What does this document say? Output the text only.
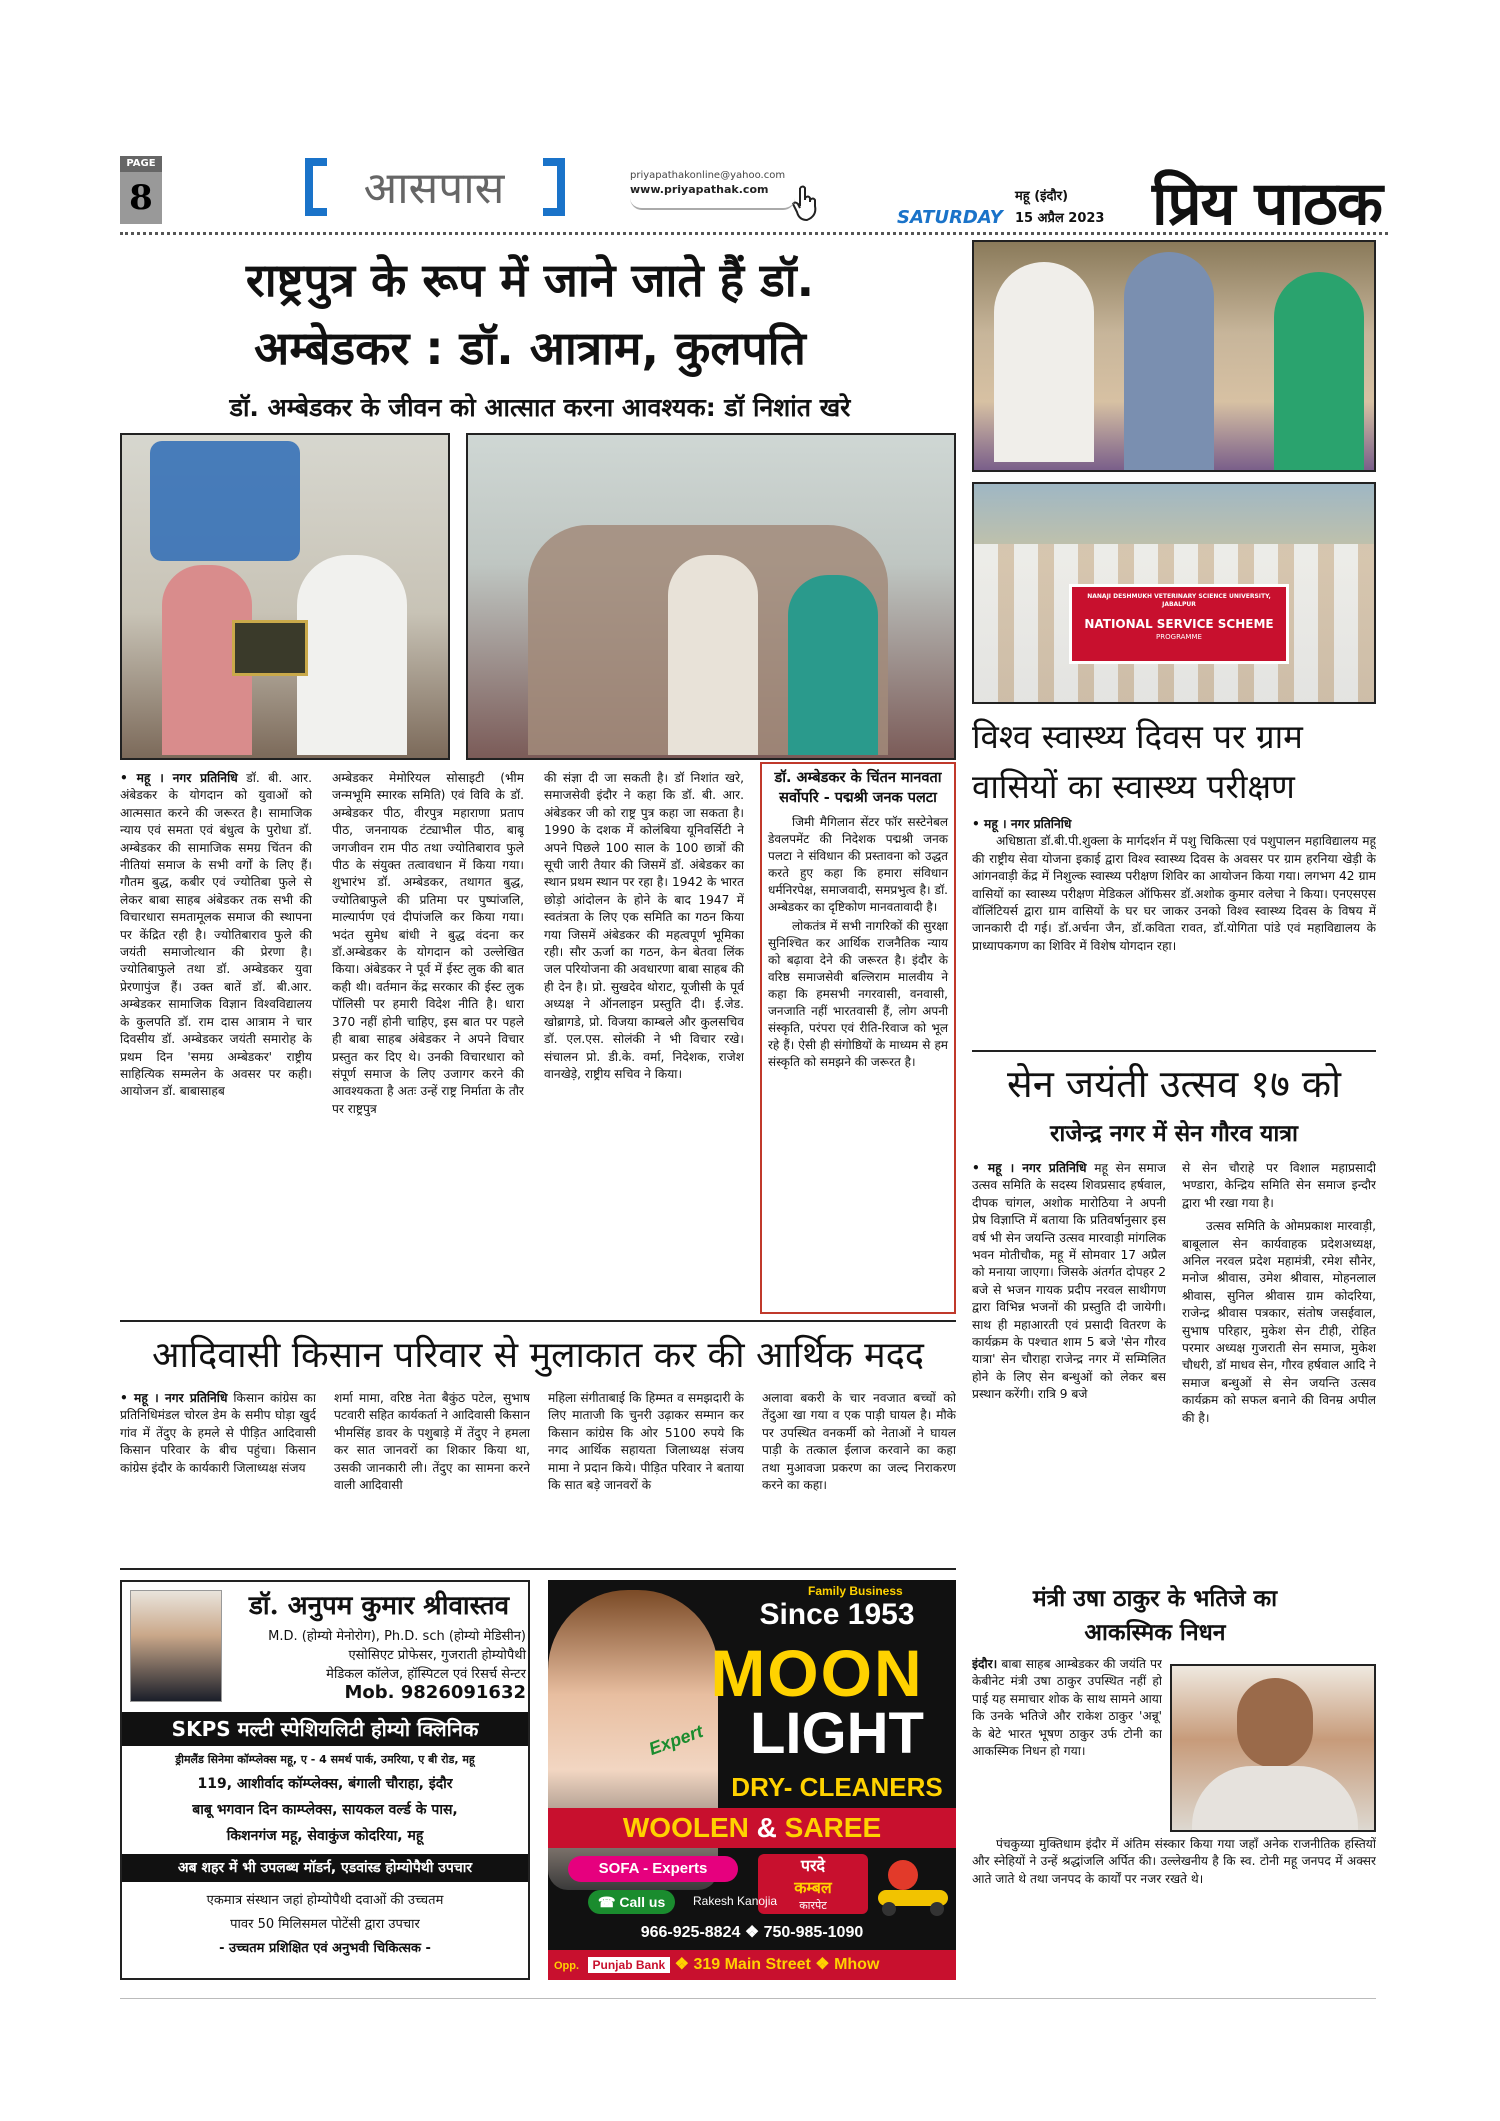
PAGE
8	आसपास	priyapathakonline@yahoo.com
www.priyapathak.com
SATURDAY
महू (इंदौर)
15 अप्रैल 2023 प्रिय पाठक
राष्ट्रपुत्र के रूप में जाने जाते हैं डॉ. अम्बेडकर : डॉ. आत्राम, कुलपति
डॉ. अम्बेडकर के जीवन को आत्सात करना आवश्यक: डॉ निशांत खरे
• महू । नगर प्रतिनिधि डॉ. बी. आर. अंबेडकर के योगदान को युवाओं को आत्मसात करने की जरूरत है। सामाजिक न्याय एवं समता एवं बंधुत्व के पुरोधा डॉ. अम्बेडकर की सामाजिक समग्र चिंतन की नीतियां समाज के सभी वर्गों के लिए हैं। गौतम बुद्ध, कबीर एवं ज्योतिबा फुले से लेकर बाबा साहब अंबेडकर तक सभी की विचारधारा समतामूलक समाज की स्थापना पर केंद्रित रही है। ज्योतिबाराव फुले की जयंती समाजोत्थान की प्रेरणा है। ज्योतिबाफुले तथा डॉ. अम्बेडकर युवा प्रेरणापुंज हैं। उक्त बातें डॉ. बी.आर. अम्बेडकर सामाजिक विज्ञान विश्वविद्यालय के कुलपति डॉ. राम दास आत्राम ने चार दिवसीय डॉ. अम्बेडकर जयंती समारोह के प्रथम दिन 'समग्र अम्बेडकर' राष्ट्रीय साहित्यिक सम्मलेन के अवसर पर कही। आयोजन डॉ. बाबासाहब
अम्बेडकर मेमोरियल सोसाइटी (भीम जन्मभूमि स्मारक समिति) एवं विवि के डॉ. अम्बेडकर पीठ, वीरपुत्र महाराणा प्रताप पीठ, जननायक टंट्याभील पीठ, बाबू जगजीवन राम पीठ तथा ज्योतिबाराव फुले पीठ के संयुक्त तत्वावधान में किया गया। शुभारंभ डॉ. अम्बेडकर, तथागत बुद्ध, ज्योतिबाफुले की प्रतिमा पर पुष्पांजलि, माल्यार्पण एवं दीपांजलि कर किया गया। भदंत सुमेध बांधी ने बुद्ध वंदना कर डॉ.अम्बेडकर के योगदान को उल्लेखित किया। अंबेडकर ने पूर्व में ईस्ट लुक की बात कही थी। वर्तमान केंद्र सरकार की ईस्ट लुक पॉलिसी पर हमारी विदेश नीति है। धारा 370 नहीं होनी चाहिए, इस बात पर पहले ही बाबा साहब अंबेडकर ने अपने विचार प्रस्तुत कर दिए थे। उनकी विचारधारा को संपूर्ण समाज के लिए उजागर करने की आवश्यकता है अतः उन्हें राष्ट्र निर्माता के तौर पर राष्ट्रपुत्र
की संज्ञा दी जा सकती है। डॉ निशांत खरे, समाजसेवी इंदौर ने कहा कि डॉ. बी. आर. अंबेडकर जी को राष्ट्र पुत्र कहा जा सकता है। 1990 के दशक में कोलंबिया यूनिवर्सिटी ने अपने पिछले 100 साल के 100 छात्रों की सूची जारी तैयार की जिसमें डॉ. अंबेडकर का स्थान प्रथम स्थान पर रहा है। 1942 के भारत छोड़ो आंदोलन के होने के बाद 1947 में स्वतंत्रता के लिए एक समिति का गठन किया गया जिसमें अंबेडकर की महत्वपूर्ण भूमिका रही। सौर ऊर्जा का गठन, केन बेतवा लिंक जल परियोजना की अवधारणा बाबा साहब की ही देन है। प्रो. सुखदेव थोराट, यूजीसी के पूर्व अध्यक्ष ने ऑनलाइन प्रस्तुति दी। ई.जेड. खोब्रागडे, प्रो. विजया काम्बले और कुलसचिव डॉ. एल.एस. सोलंकी ने भी विचार रखे। संचालन प्रो. डी.के. वर्मा, निदेशक, राजेश वानखेड़े, राष्ट्रीय सचिव ने किया।
डॉ. अम्बेडकर के चिंतन मानवता सर्वोपरि - पद्मश्री जनक पलटा
जिमी मैगिलान सेंटर फॉर सस्टेनेबल डेवलपमेंट की निदेशक पद्मश्री जनक पलटा ने संविधान की प्रस्तावना को उद्धत करते हुए कहा कि हमारा संविधान धर्मनिरपेक्ष, समाजवादी, समप्रभुत्व है। डॉ. अम्बेडकर का दृष्टिकोण मानवतावादी है।
लोकतंत्र में सभी नागरिकों की सुरक्षा सुनिश्चित कर आर्थिक राजनैतिक न्याय को बढ़ावा देने की जरूरत है। इंदौर के वरिष्ठ समाजसेवी बल्लिराम मालवीय ने कहा कि हमसभी नगरवासी, वनवासी, जनजाति नहीं भारतवासी हैं, लोग अपनी संस्कृति, परंपरा एवं रीति-रिवाज को भूल रहे हैं। ऐसी ही संगोष्ठियों के माध्यम से हम संस्कृति को समझने की जरूरत है।
आदिवासी किसान परिवार से मुलाकात कर की आर्थिक मदद
• महू । नगर प्रतिनिधि किसान कांग्रेस का प्रतिनिधिमंडल चोरल डेम के समीप घोड़ा खुर्द गांव में तेंदुए के हमले से पीड़ित आदिवासी किसान परिवार के बीच पहुंचा। किसान कांग्रेस इंदौर के कार्यकारी जिलाध्यक्ष संजय
शर्मा मामा, वरिष्ठ नेता बैकुंठ पटेल, सुभाष पटवारी सहित कार्यकर्ता ने आदिवासी किसान भीमसिंह डावर के पशुबाड़े में तेंदुए ने हमला कर सात जानवरों का शिकार किया था, उसकी जानकारी ली। तेंदुए का सामना करने वाली आदिवासी
महिला संगीताबाई कि हिम्मत व समझदारी के लिए माताजी कि चुनरी उढ़ाकर सम्मान कर किसान कांग्रेस कि ओर 5100 रुपये कि नगद आर्थिक सहायता जिलाध्यक्ष संजय मामा ने प्रदान किये। पीड़ित परिवार ने बताया कि सात बड़े जानवरों के
अलावा बकरी के चार नवजात बच्चों को तेंदुआ खा गया व एक पाड़ी घायल है। मौके पर उपस्थित वनकर्मी को नेताओं ने घायल पाड़ी के तत्काल ईलाज करवाने का कहा तथा मुआवजा प्रकरण का जल्द निराकरण करने का कहा।
डॉ. अनुपम कुमार श्रीवास्तव
M.D. (होम्यो मेनोरोग), Ph.D. sch (होम्यो मेडिसीन)
एसोसिएट प्रोफेसर, गुजराती होम्योपैथी
मेडिकल कॉलेज, हॉस्पिटल एवं रिसर्च सेन्टर
Mob. 9826091632
SKPS मल्टी स्पेशियलिटी होम्यो क्लिनिक
ड्रीमलैंड सिनेमा कॉम्प्लेक्स महू, ए - 4 समर्थ पार्क, उमरिया, ए बी रोड, महू
119, आशीर्वाद कॉम्प्लेक्स, बंगाली चौराहा, इंदौर
बाबू भगवान दिन काम्प्लेक्स, सायकल वर्ल्ड के पास,
किशनगंज महू, सेवाकुंज कोदरिया, महू
अब शहर में भी उपलब्ध मॉडर्न, एडवांस्ड होम्योपैथी उपचार
एकमात्र संस्थान जहां होम्योपैथी दवाओं की उच्चतम
पावर 50 मिलिसमल पोटेंसी द्वारा उपचार
- उच्चतम प्रशिक्षित एवं अनुभवी चिकित्सक -
Family Business
Since 1953
MOON
LIGHT
Expert
DRY- CLEANERS
WOOLEN & SAREE
SOFA - Experts	परदे
कम्बल
कारपेट
☎ Call us	Rakesh Kanojia
966-925-8824 ❖ 750-985-1090
Opp. Punjab Bank ❖ 319 Main Street ❖ Mhow
NANAJI DESHMUKH VETERINARY SCIENCE UNIVERSITY, JABALPUR
NATIONAL SERVICE SCHEME
PROGRAMME
विश्व स्वास्थ्य दिवस पर ग्राम वासियों का स्वास्थ्य परीक्षण
• महू । नगर प्रतिनिधि
अधिष्ठाता डॉ.बी.पी.शुक्ला के मार्गदर्शन में पशु चिकित्सा एवं पशुपालन महाविद्यालय महू की राष्ट्रीय सेवा योजना इकाई द्वारा विश्व स्वास्थ्य दिवस के अवसर पर ग्राम हरनिया खेड़ी के आंगनवाड़ी केंद्र में निशुल्क स्वास्थ्य परीक्षण शिविर का आयोजन किया गया। लगभग 42 ग्राम वासियों का स्वास्थ्य परीक्षण मेडिकल ऑफिसर डॉ.अशोक कुमार वलेचा ने किया। एनएसएस वॉलिंटियर्स द्वारा ग्राम वासियों के घर घर जाकर उनको विश्व स्वास्थ्य दिवस के विषय में जानकारी दी गई। डॉ.अर्चना जैन, डॉ.कविता रावत, डॉ.योगिता पांडे एवं महाविद्यालय के प्राध्यापकगण का शिविर में विशेष योगदान रहा।
सेन जयंती उत्सव १७ को
राजेन्द्र नगर में सेन गौरव यात्रा
• महू । नगर प्रतिनिधि महू सेन समाज उत्सव समिति के सदस्य शिवप्रसाद हर्षवाल, दीपक चांगल, अशोक मारोठिया ने अपनी प्रेष विज्ञाप्ति में बताया कि प्रतिवर्षानुसार इस वर्ष भी सेन जयन्ति उत्सव मारवाड़ी मांगलिक भवन मोतीचौक, महू में सोमवार 17 अप्रैल को मनाया जाएगा। जिसके अंतर्गत दोपहर 2 बजे से भजन गायक प्रदीप नरवल साथीगण द्वारा विभिन्न भजनों की प्रस्तुति दी जायेगी। साथ ही महाआरती एवं प्रसादी वितरण के कार्यक्रम के पश्चात शाम 5 बजे 'सेन गौरव यात्रा' सेन चौराहा राजेन्द्र नगर में सम्मिलित होने के लिए सेन बन्धुओं को लेकर बस प्रस्थान करेंगी। रात्रि 9 बजे
से सेन चौराहे पर विशाल महाप्रसादी भण्डारा, केन्द्रिय समिति सेन समाज इन्दौर द्वारा भी रखा गया है।
उत्सव समिति के ओमप्रकाश मारवाड़ी, बाबूलाल सेन कार्यवाहक प्रदेशअध्यक्ष, अनिल नरवल प्रदेश महामंत्री, रमेश सौनेर, मनोज श्रीवास, उमेश श्रीवास, मोहनलाल श्रीवास, सुनिल श्रीवास ग्राम कोदरिया, राजेन्द्र श्रीवास पत्रकार, संतोष जसईवाल, सुभाष परिहार, मुकेश सेन टीही, रोहित परमार अध्यक्ष गुजराती सेन समाज, मुकेश चौधरी, डॉ माधव सेन, गौरव हर्षवाल आदि ने समाज बन्धुओं से सेन जयन्ति उत्सव कार्यक्रम को सफल बनाने की विनम्र अपील की है।
मंत्री उषा ठाकुर के भतिजे का आकस्मिक निधन
इंदौर। बाबा साहब आम्बेडकर की जयंति पर केबीनेट मंत्री उषा ठाकुर उपस्थित नहीं हो पाई यह समाचार शोक के साथ सामने आया कि उनके भतिजे और राकेश ठाकुर 'अन्नू' के बेटे भारत भूषण ठाकुर उर्फ टोनी का आकस्मिक निधन हो गया।
पंचकुय्या मुक्तिधाम इंदौर में अंतिम संस्कार किया गया जहाँ अनेक राजनीतिक हस्तियों और स्नेहियों ने उन्हें श्रद्धांजलि अर्पित की। उल्लेखनीय है कि स्व. टोनी महू जनपद में अक्सर आते जाते थे तथा जनपद के कार्यों पर नजर रखते थे।
